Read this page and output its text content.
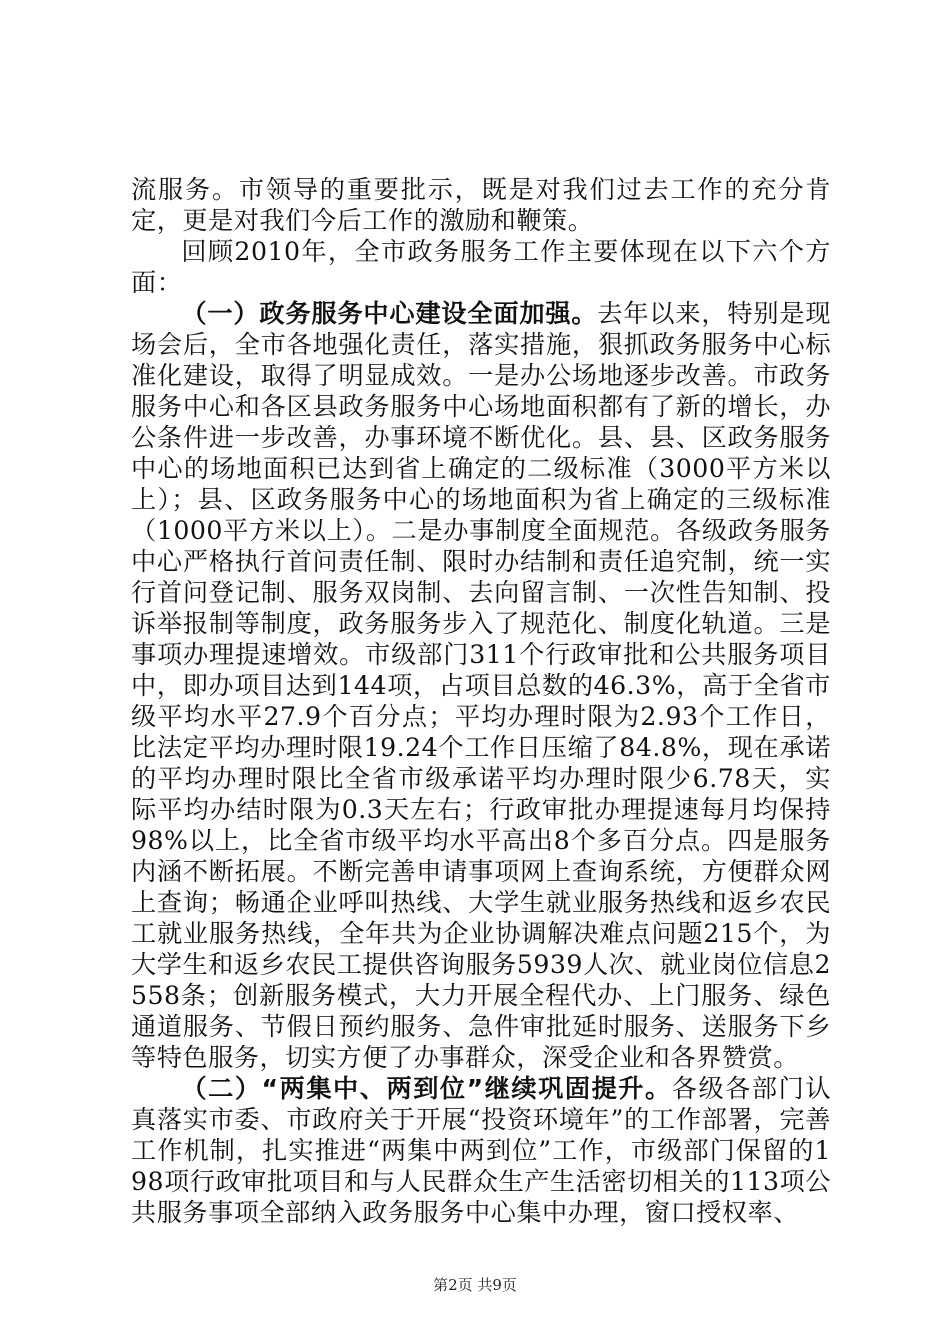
流服务。市领导的重要批示，既是对我们过去工作的充分肯定，更是对我们今后工作的激励和鞭策。

回顾2010年，全市政务服务工作主要体现在以下六个方面：

（一）政务服务中心建设全面加强。去年以来，特别是现场会后，全市各地强化责任，落实措施，狠抓政务服务中心标准化建设，取得了明显成效。一是办公场地逐步改善。市政务服务中心和各区县政务服务中心场地面积都有了新的增长，办公条件进一步改善，办事环境不断优化。县、县、区政务服务中心的场地面积已达到省上确定的二级标准（3000平方米以上）；县、区政务服务中心的场地面积为省上确定的三级标准（1000平方米以上）。二是办事制度全面规范。各级政务服务中心严格执行首问责任制、限时办结制和责任追究制，统一实行首问登记制、服务双岗制、去向留言制、一次性告知制、投诉举报制等制度，政务服务步入了规范化、制度化轨道。三是事项办理提速增效。市级部门311个行政审批和公共服务项目中，即办项目达到144项，占项目总数的46.3%，高于全省市级平均水平27.9个百分点；平均办理时限为2.93个工作日，比法定平均办理时限19.24个工作日压缩了84.8%，现在承诺的平均办理时限比全省市级承诺平均办理时限少6.78天，实际平均办结时限为0.3天左右；行政审批办理提速每月均保持98%以上，比全省市级平均水平高出8个多百分点。四是服务内涵不断拓展。不断完善申请事项网上查询系统，方便群众网上查询；畅通企业呼叫热线、大学生就业服务热线和返乡农民工就业服务热线，全年共为企业协调解决难点问题215个，为大学生和返乡农民工提供咨询服务5939人次、就业岗位信息2558条；创新服务模式，大力开展全程代办、上门服务、绿色通道服务、节假日预约服务、急件审批延时服务、送服务下乡等特色服务，切实方便了办事群众，深受企业和各界赞赏。

（二）“两集中、两到位”继续巩固提升。各级各部门认真落实市委、市政府关于开展“投资环境年”的工作部署，完善工作机制，扎实推进“两集中两到位”工作，市级部门保留的198项行政审批项目和与人民群众生产生活密切相关的113项公共服务事项全部纳入政务服务中心集中办理，窗口授权率、

第2页 共9页
